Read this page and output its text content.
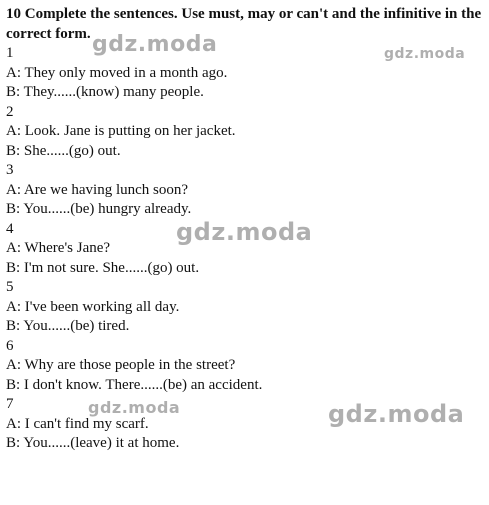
10 Complete the sentences. Use must, may or can't and the infinitive in the correct form.

1
A: They only moved in a month ago.
B: They......(know) many people.
2
A: Look. Jane is putting on her jacket.
B: She......(go) out.
3
A: Are we having lunch soon?
B: You......(be) hungry already.
4
A: Where's Jane?
B: I'm not sure. She......(go) out.
5
A: I've been working all day.
B: You......(be) tired.
6
A: Why are those people in the street?
B: I don't know. There......(be) an accident.
7
A: I can't find my scarf.
B: You......(leave) it at home.
gdz.moda	gdz.moda
gdz.moda
gdz.moda	gdz.moda
